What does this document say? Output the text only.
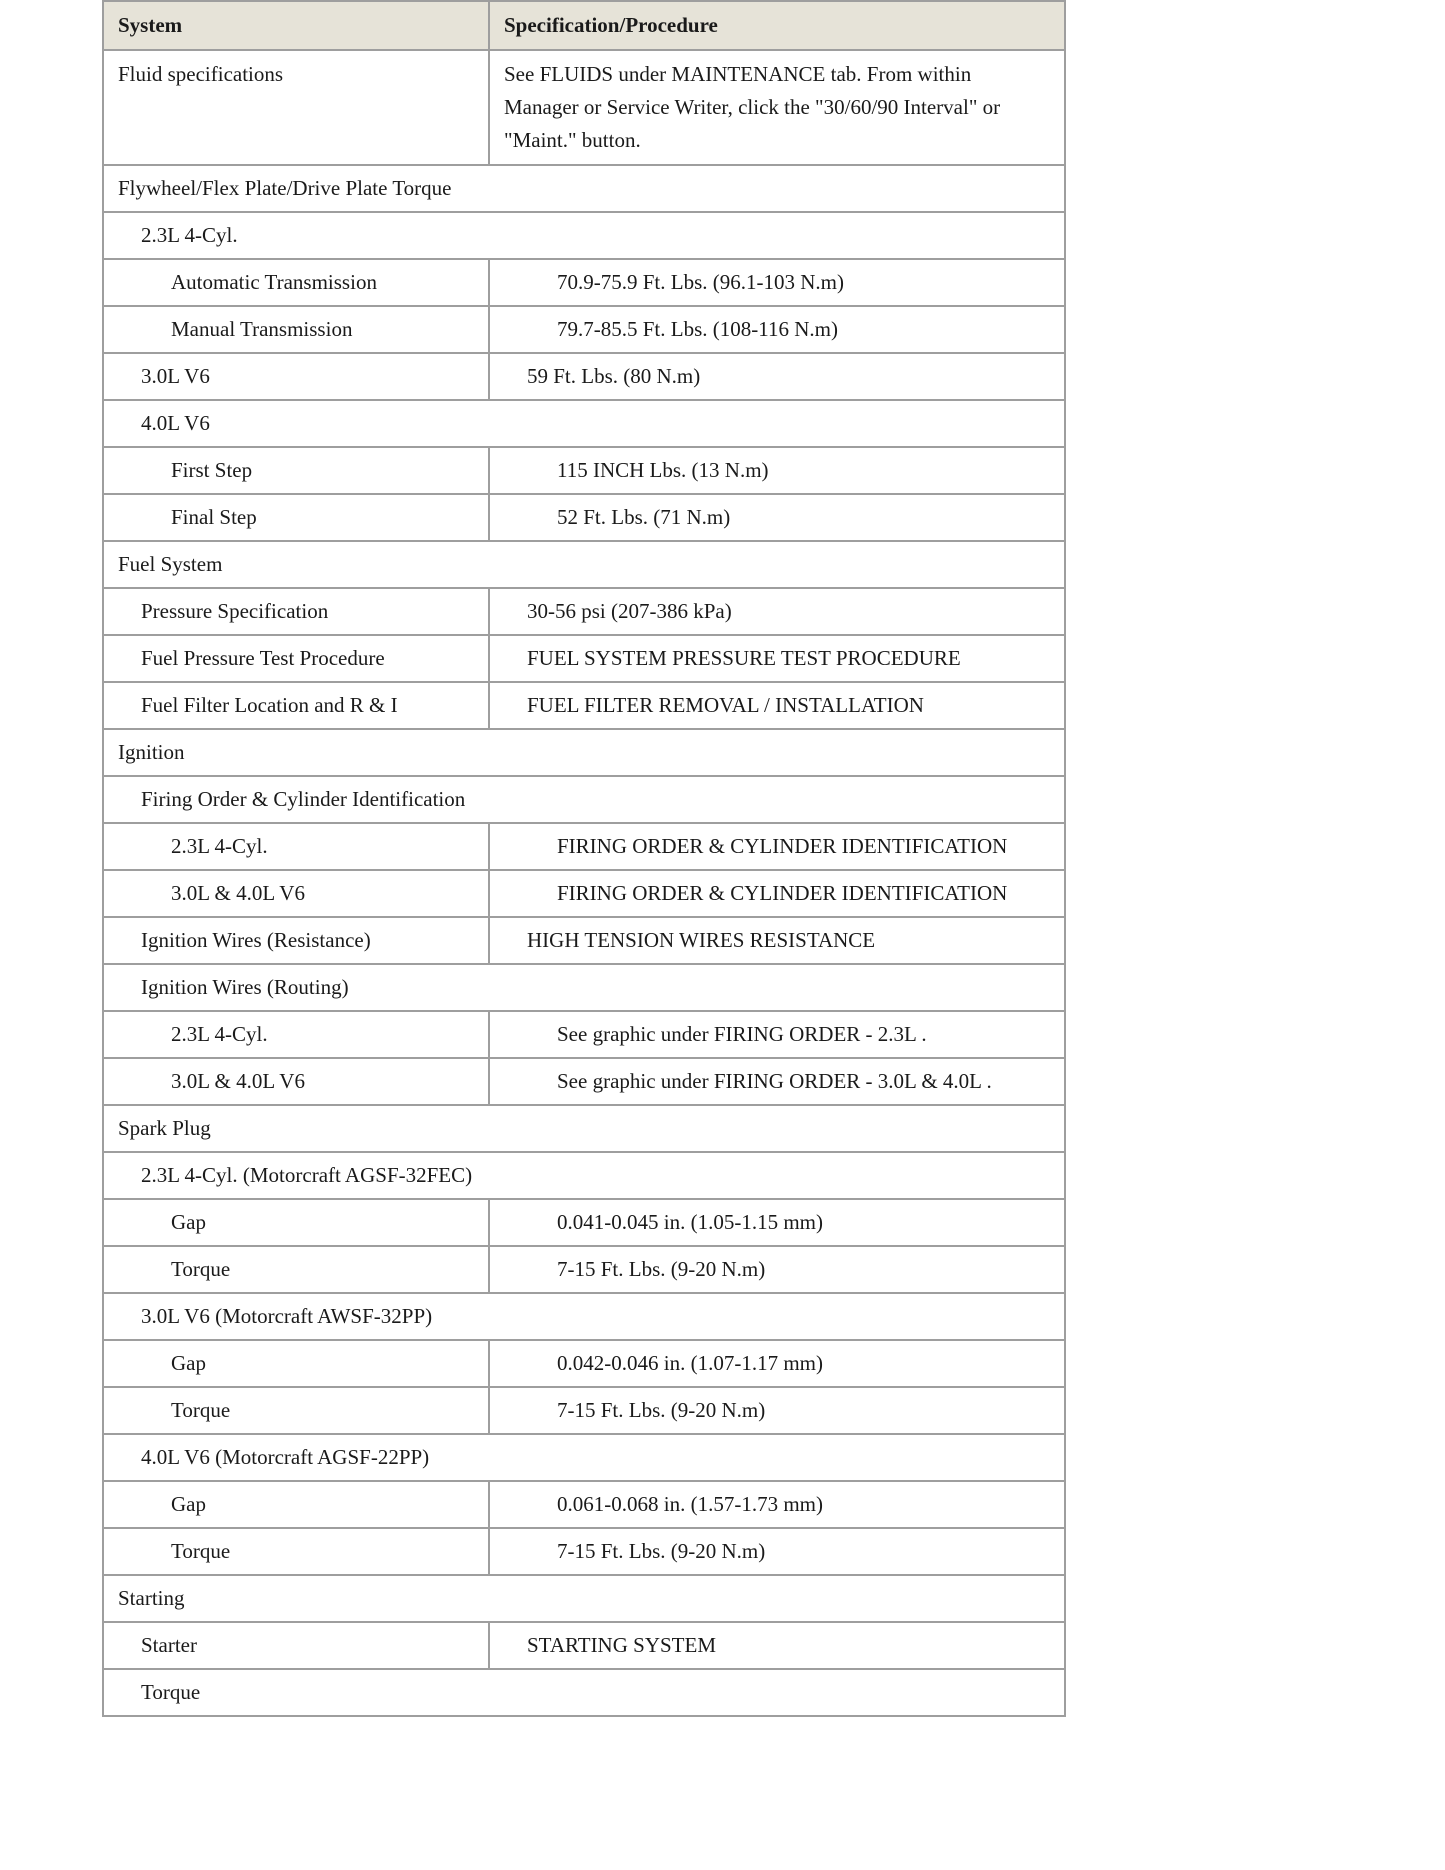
System	Specification/Procedure
Fluid specifications	See FLUIDS under MAINTENANCE tab. From within Manager or Service Writer, click the "30/60/90 Interval" or "Maint." button.
Flywheel/Flex Plate/Drive Plate Torque	
2.3L 4-Cyl.	
Automatic Transmission	70.9-75.9 Ft. Lbs. (96.1-103 N.m)
Manual Transmission	79.7-85.5 Ft. Lbs. (108-116 N.m)
3.0L V6	59 Ft. Lbs. (80 N.m)
4.0L V6	
First Step	115 INCH Lbs. (13 N.m)
Final Step	52 Ft. Lbs. (71 N.m)
Fuel System	
Pressure Specification	30-56 psi (207-386 kPa)
Fuel Pressure Test Procedure	FUEL SYSTEM PRESSURE TEST PROCEDURE
Fuel Filter Location and R & I	FUEL FILTER REMOVAL / INSTALLATION
Ignition	
Firing Order & Cylinder Identification	
2.3L 4-Cyl.	FIRING ORDER & CYLINDER IDENTIFICATION
3.0L & 4.0L V6	FIRING ORDER & CYLINDER IDENTIFICATION
Ignition Wires (Resistance)	HIGH TENSION WIRES RESISTANCE
Ignition Wires (Routing)	
2.3L 4-Cyl.	See graphic under FIRING ORDER - 2.3L .
3.0L & 4.0L V6	See graphic under FIRING ORDER - 3.0L & 4.0L .
Spark Plug	
2.3L 4-Cyl. (Motorcraft AGSF-32FEC)	
Gap	0.041-0.045 in. (1.05-1.15 mm)
Torque	7-15 Ft. Lbs. (9-20 N.m)
3.0L V6 (Motorcraft AWSF-32PP)	
Gap	0.042-0.046 in. (1.07-1.17 mm)
Torque	7-15 Ft. Lbs. (9-20 N.m)
4.0L V6 (Motorcraft AGSF-22PP)	
Gap	0.061-0.068 in. (1.57-1.73 mm)
Torque	7-15 Ft. Lbs. (9-20 N.m)
Starting	
Starter	STARTING SYSTEM
Torque	
